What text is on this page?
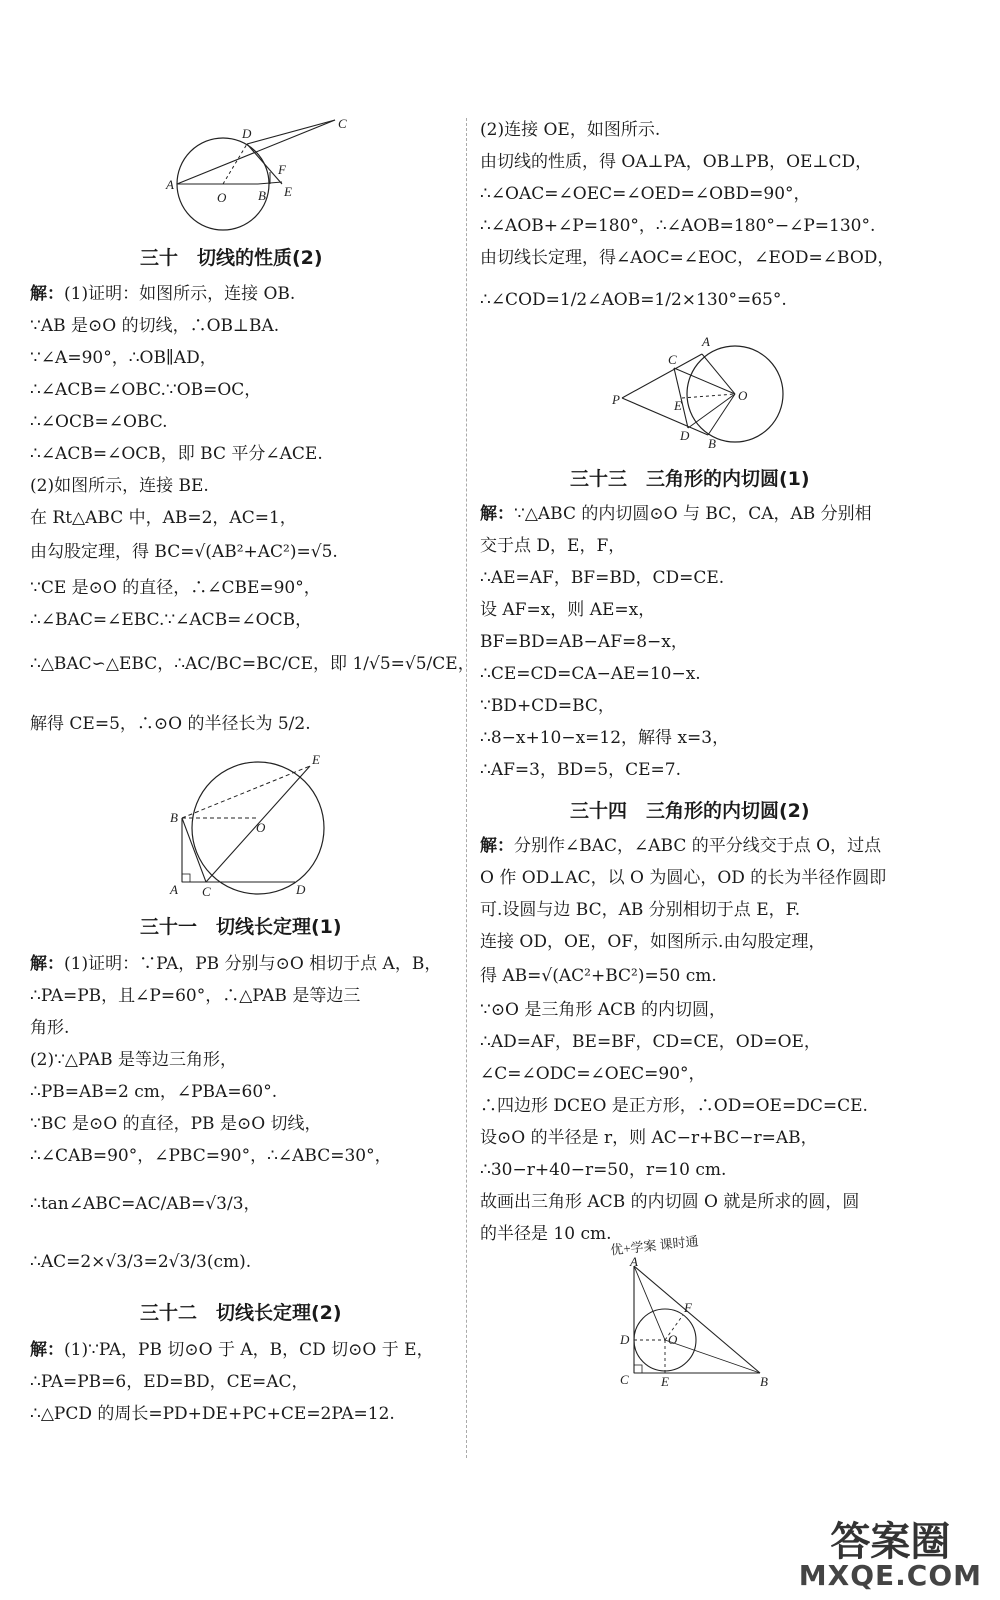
A
D
C
O B
F
E
三十　切线的性质(2)
解：(1)证明：如图所示，连接 OB.
∵AB 是⊙O 的切线，∴OB⊥BA.
∵∠A=90°，∴OB∥AD，
∴∠ACB=∠OBC.∵OB=OC，
∴∠OCB=∠OBC.
∴∠ACB=∠OCB，即 BC 平分∠ACE.
(2)如图所示，连接 BE.
在 Rt△ABC 中，AB=2，AC=1，
由勾股定理，得 BC=√(AB²+AC²)=√5.
∵CE 是⊙O 的直径，∴∠CBE=90°，
∴∠BAC=∠EBC.∵∠ACB=∠OCB，
∴△BAC∽△EBC，∴AC/BC=BC/CE，即 1/√5=√5/CE，
解得 CE=5，∴⊙O 的半径长为 5/2.
E
B
O
A C	D
三十一　切线长定理(1)
解：(1)证明：∵PA，PB 分别与⊙O 相切于点 A，B，
∴PA=PB，且∠P=60°，∴△PAB 是等边三
角形.
(2)∵△PAB 是等边三角形，
∴PB=AB=2 cm，∠PBA=60°.
∵BC 是⊙O 的直径，PB 是⊙O 切线，
∴∠CAB=90°，∠PBC=90°，∴∠ABC=30°，
∴tan∠ABC=AC/AB=√3/3，
∴AC=2×√3/3=2√3/3(cm).
三十二　切线长定理(2)
解：(1)∵PA，PB 切⊙O 于 A，B，CD 切⊙O 于 E，
∴PA=PB=6，ED=BD，CE=AC，
∴△PCD 的周长=PD+DE+PC+CE=2PA=12.
(2)连接 OE，如图所示.
由切线的性质，得 OA⊥PA，OB⊥PB，OE⊥CD，
∴∠OAC=∠OEC=∠OED=∠OBD=90°，
∴∠AOB+∠P=180°，∴∠AOB=180°−∠P=130°.
由切线长定理，得∠AOC=∠EOC，∠EOD=∠BOD，
∴∠COD=1/2∠AOB=1/2×130°=65°.
A
C
P	E
O
D
B
三十三　三角形的内切圆(1)
解：∵△ABC 的内切圆⊙O 与 BC，CA，AB 分别相
交于点 D，E，F，
∴AE=AF，BF=BD，CD=CE.
设 AF=x，则 AE=x，
BF=BD=AB−AF=8−x，
∴CE=CD=CA−AE=10−x.
∵BD+CD=BC，
∴8−x+10−x=12，解得 x=3，
∴AF=3，BD=5，CE=7.
三十四　三角形的内切圆(2)
解：分别作∠BAC，∠ABC 的平分线交于点 O，过点
O 作 OD⊥AC，以 O 为圆心，OD 的长为半径作圆即
可.设圆与边 BC，AB 分别相切于点 E，F.
连接 OD，OE，OF，如图所示.由勾股定理，
得 AB=√(AC²+BC²)=50 cm.
∵⊙O 是三角形 ACB 的内切圆，
∴AD=AF，BE=BF，CD=CE，OD=OE，
∠C=∠ODC=∠OEC=90°，
∴四边形 DCEO 是正方形，∴OD=OE=DC=CE.
设⊙O 的半径是 r，则 AC−r+BC−r=AB，
∴30−r+40−r=50，r=10 cm.
故画出三角形 ACB 的内切圆 O 就是所求的圆，圆
的半径是 10 cm.
A
F
D	O
C E	B
优+学案 课时通
答案圈
MXQE.COM
